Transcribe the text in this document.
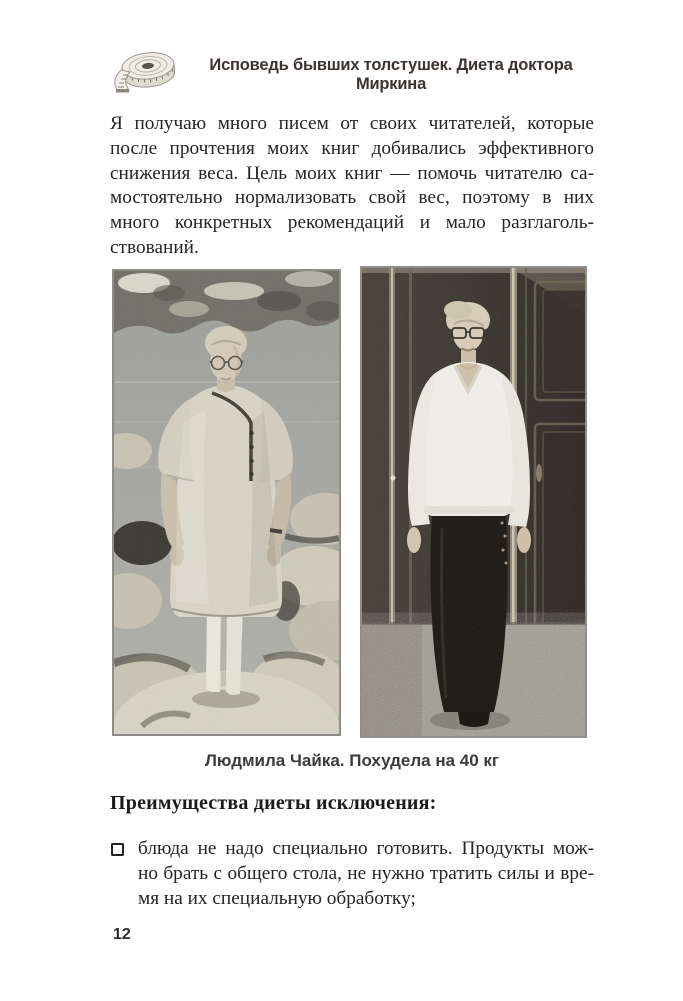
Исповедь бывших толстушек. Диета доктора Миркина
Я получаю много писем от своих читателей, которые
после прочтения моих книг добивались эффективного
снижения веса. Цель моих книг — помочь читателю са-
мостоятельно нормализовать свой вес, поэтому в них
много конкретных рекомендаций и мало разглаголь-
ствований.
Людмила Чайка. Похудела на 40 кг
Преимущества диеты исключения:
блюда не надо специально готовить. Продукты мож-
но брать с общего стола, не нужно тратить силы и вре-
мя на их специальную обработку;
12
